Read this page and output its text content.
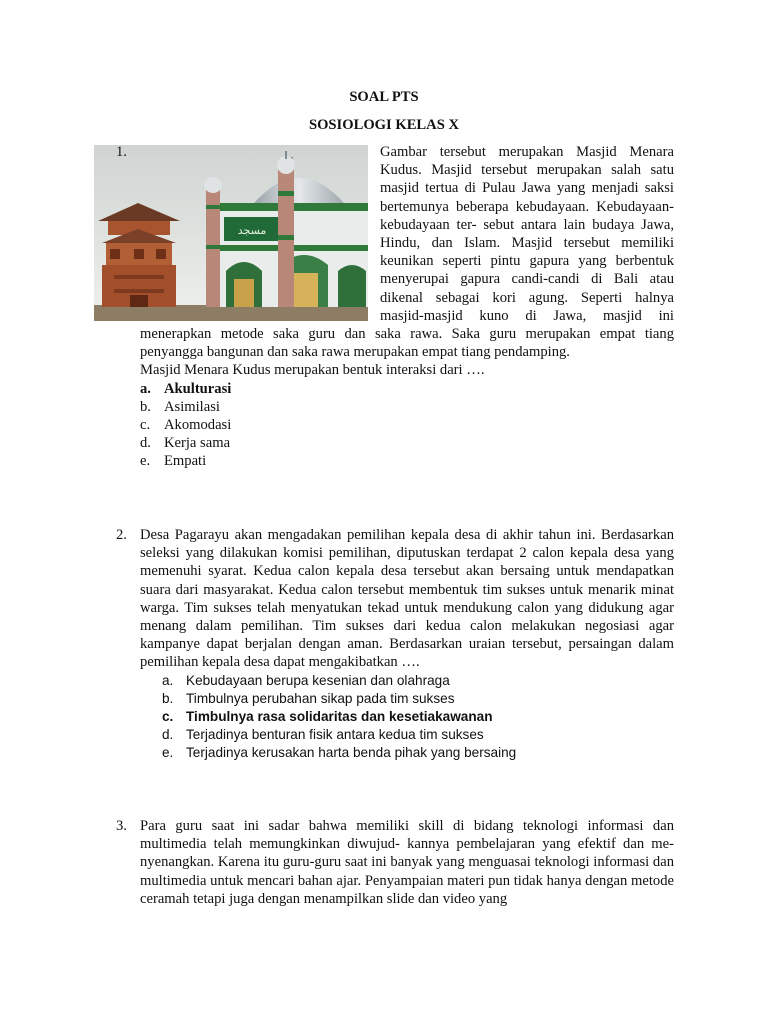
SOAL PTS
SOSIOLOGI KELAS X
1.

مسجد
Gambar tersebut merupakan Masjid Menara Kudus. Masjid tersebut merupakan salah satu masjid tertua di Pulau Jawa yang menjadi saksi bertemunya beberapa kebudayaan. Kebudayaan-kebudayaan ter- sebut antara lain budaya Jawa, Hindu, dan Islam. Masjid tersebut memiliki keunikan seperti pintu gapura yang berbentuk menyerupai gapura candi-candi di Bali atau dikenal sebagai kori agung. Seperti halnya masjid-masjid kuno di Jawa, masjid ini menerapkan metode saka guru dan saka rawa. Saka guru merupakan empat tiang penyangga bangunan dan saka rawa merupakan empat tiang pendamping.

Masjid Menara Kudus merupakan bentuk interaksi dari ….

a. Akulturasi
b. Asimilasi
c. Akomodasi
d. Kerja sama
e. Empati
2. Desa Pagarayu akan mengadakan pemilihan kepala desa di akhir tahun ini. Berdasarkan seleksi yang dilakukan komisi pemilihan, diputuskan terdapat 2 calon kepala desa yang memenuhi syarat. Kedua calon kepala desa tersebut akan bersaing untuk mendapatkan suara dari masyarakat. Kedua calon tersebut membentuk tim sukses untuk menarik minat warga. Tim sukses telah menyatukan tekad untuk mendukung calon yang didukung agar menang dalam pemilihan. Tim sukses dari kedua calon melakukan negosiasi agar kampanye dapat berjalan dengan aman. Berdasarkan uraian tersebut, persaingan dalam pemilihan kepala desa dapat mengakibatkan ….

a. Kebudayaan berupa kesenian dan olahraga
b. Timbulnya perubahan sikap pada tim sukses
c. Timbulnya rasa solidaritas dan kesetiakawanan
d. Terjadinya benturan fisik antara kedua tim sukses
e. Terjadinya kerusakan harta benda pihak yang bersaing
3. Para guru saat ini sadar bahwa memiliki skill di bidang teknologi informasi dan multimedia telah memungkinkan diwujud- kannya pembelajaran yang efektif dan me- nyenangkan. Karena itu guru-guru saat ini banyak yang menguasai teknologi informasi dan multimedia untuk mencari bahan ajar. Penyampaian materi pun tidak hanya dengan metode ceramah tetapi juga dengan menampilkan slide dan video yang
